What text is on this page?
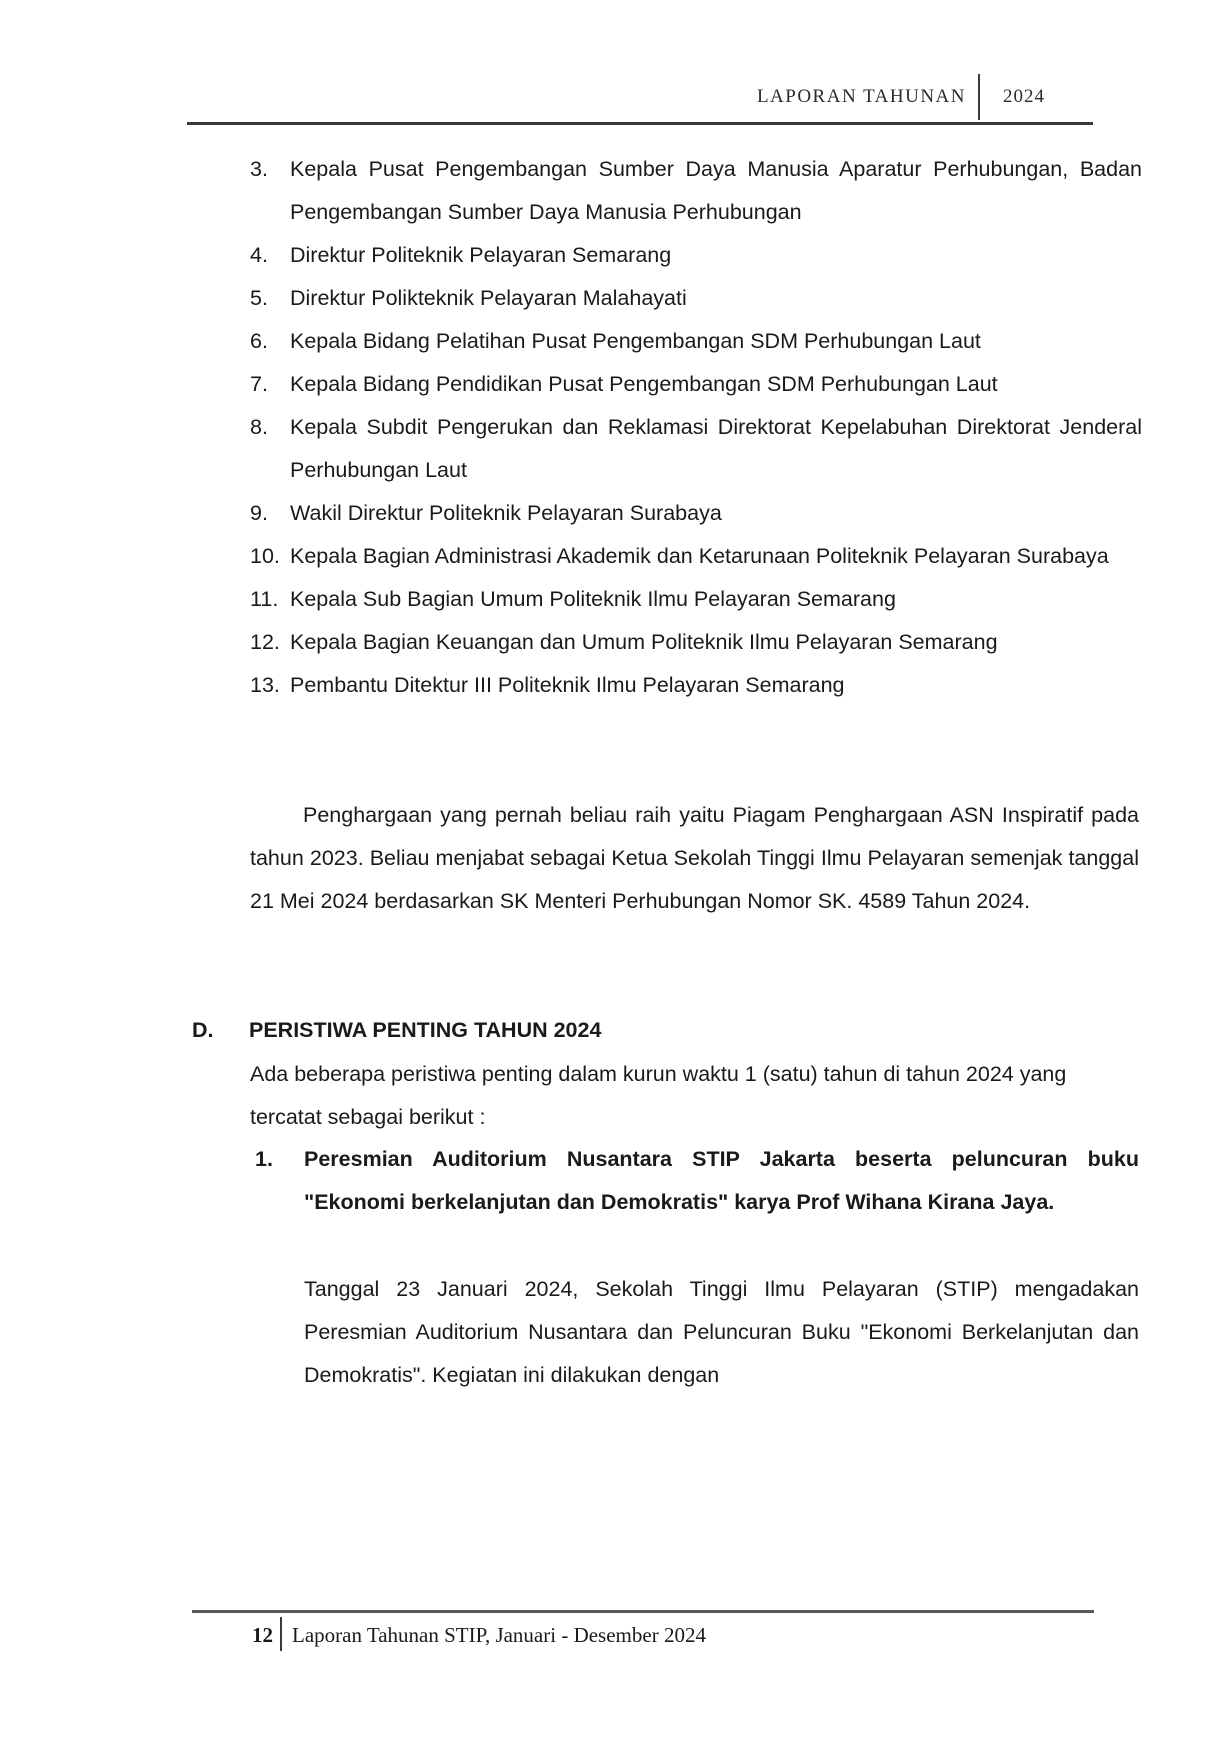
LAPORAN TAHUNAN 2024
3. Kepala Pusat Pengembangan Sumber Daya Manusia Aparatur Perhubungan, Badan Pengembangan Sumber Daya Manusia Perhubungan
4. Direktur Politeknik Pelayaran Semarang
5. Direktur Polikteknik Pelayaran Malahayati
6. Kepala Bidang Pelatihan Pusat Pengembangan SDM Perhubungan Laut
7. Kepala Bidang Pendidikan Pusat Pengembangan SDM Perhubungan Laut
8. Kepala Subdit Pengerukan dan Reklamasi Direktorat Kepelabuhan Direktorat Jenderal Perhubungan Laut
9. Wakil Direktur Politeknik Pelayaran Surabaya
10. Kepala Bagian Administrasi Akademik dan Ketarunaan Politeknik Pelayaran Surabaya
11. Kepala Sub Bagian Umum Politeknik Ilmu Pelayaran Semarang
12. Kepala Bagian Keuangan dan Umum Politeknik Ilmu Pelayaran Semarang
13. Pembantu Ditektur III Politeknik Ilmu Pelayaran Semarang

Penghargaan yang pernah beliau raih yaitu Piagam Penghargaan ASN Inspiratif pada tahun 2023. Beliau menjabat sebagai Ketua Sekolah Tinggi Ilmu Pelayaran semenjak tanggal 21 Mei 2024 berdasarkan SK Menteri Perhubungan Nomor SK. 4589 Tahun 2024.

D. PERISTIWA PENTING TAHUN 2024

Ada beberapa peristiwa penting dalam kurun waktu 1 (satu) tahun di tahun 2024 yang tercatat sebagai berikut :

1. Peresmian Auditorium Nusantara STIP Jakarta beserta peluncuran buku "Ekonomi berkelanjutan dan Demokratis" karya Prof Wihana Kirana Jaya.

Tanggal 23 Januari 2024, Sekolah Tinggi Ilmu Pelayaran (STIP) mengadakan Peresmian Auditorium Nusantara dan Peluncuran Buku "Ekonomi Berkelanjutan dan Demokratis". Kegiatan ini dilakukan dengan

12 Laporan Tahunan STIP, Januari - Desember 2024
